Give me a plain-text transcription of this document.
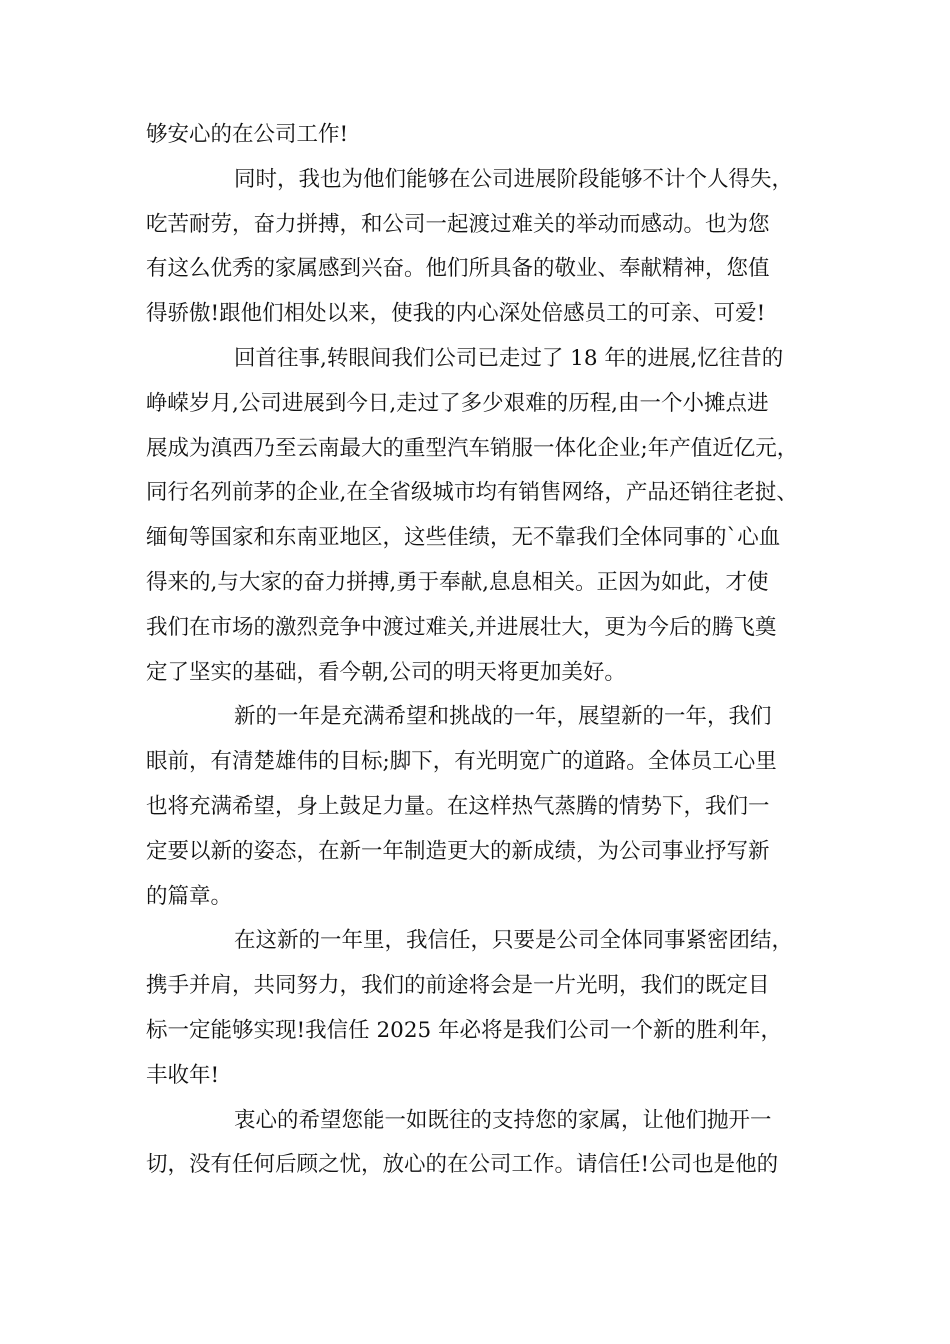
够安心的在公司工作!
同时，我也为他们能够在公司进展阶段能够不计个人得失，
吃苦耐劳，奋力拼搏，和公司一起渡过难关的举动而感动。也为您
有这么优秀的家属感到兴奋。他们所具备的敬业、奉献精神，您值
得骄傲!跟他们相处以来，使我的内心深处倍感员工的可亲、可爱!
回首往事,转眼间我们公司已走过了 18 年的进展,忆往昔的
峥嵘岁月,公司进展到今日,走过了多少艰难的历程,由一个小摊点进
展成为滇西乃至云南最大的重型汽车销服一体化企业;年产值近亿元，
同行名列前茅的企业,在全省级城市均有销售网络，产品还销往老挝、
缅甸等国家和东南亚地区，这些佳绩，无不靠我们全体同事的`心血
得来的,与大家的奋力拼搏,勇于奉献,息息相关。正因为如此，才使
我们在市场的激烈竞争中渡过难关,并进展壮大，更为今后的腾飞奠
定了坚实的基础，看今朝,公司的明天将更加美好。
新的一年是充满希望和挑战的一年，展望新的一年，我们
眼前，有清楚雄伟的目标;脚下，有光明宽广的道路。全体员工心里
也将充满希望，身上鼓足力量。在这样热气蒸腾的情势下，我们一
定要以新的姿态，在新一年制造更大的新成绩，为公司事业抒写新
的篇章。
在这新的一年里，我信任，只要是公司全体同事紧密团结，
携手并肩，共同努力，我们的前途将会是一片光明，我们的既定目
标一定能够实现!我信任 2025 年必将是我们公司一个新的胜利年，
丰收年!
衷心的希望您能一如既往的支持您的家属，让他们抛开一
切，没有任何后顾之忧，放心的在公司工作。请信任!公司也是他的
